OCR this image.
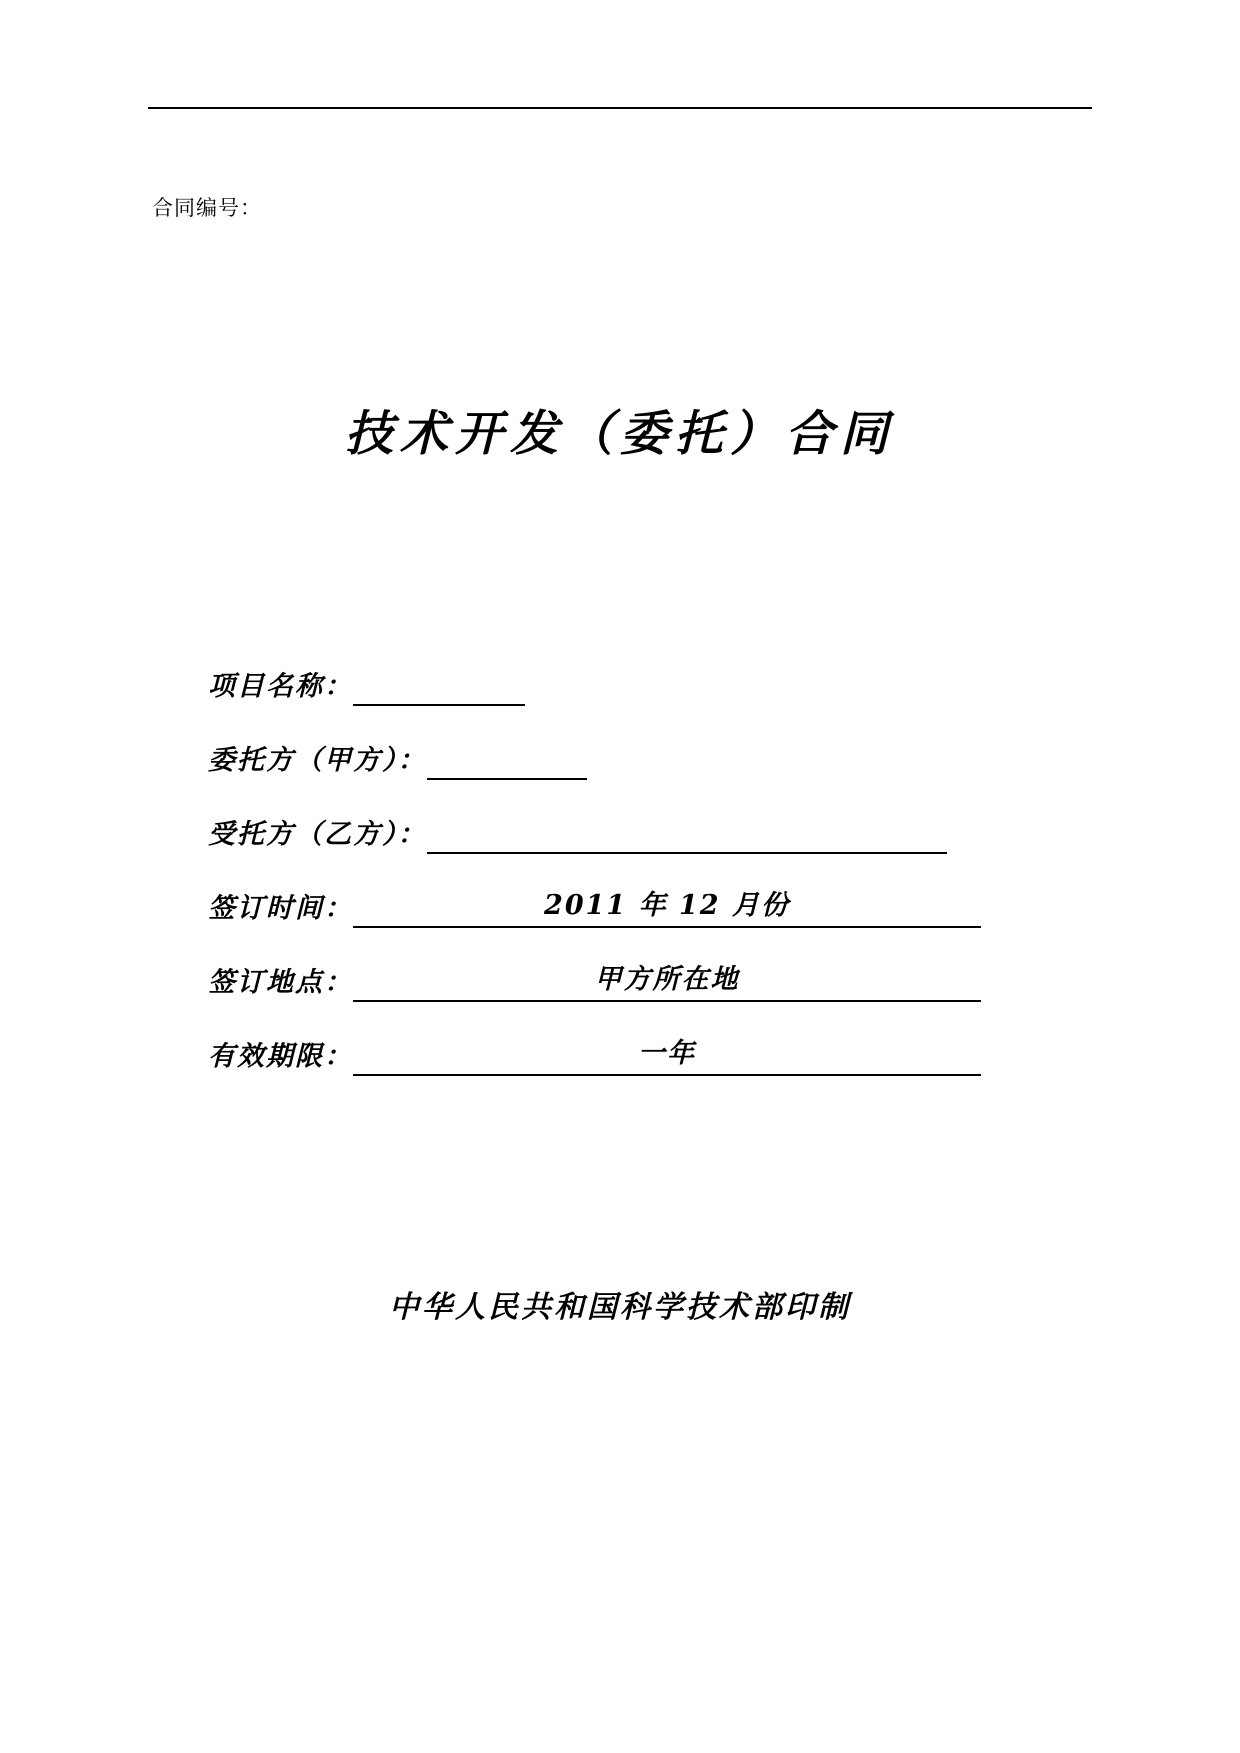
合同编号：
技术开发（委托）合同
项目名称：
委托方（甲方）：
受托方（乙方）：
签订时间：	2011 年 12 月份
签订地点：	甲方所在地
有效期限：	一年
中华人民共和国科学技术部印制
